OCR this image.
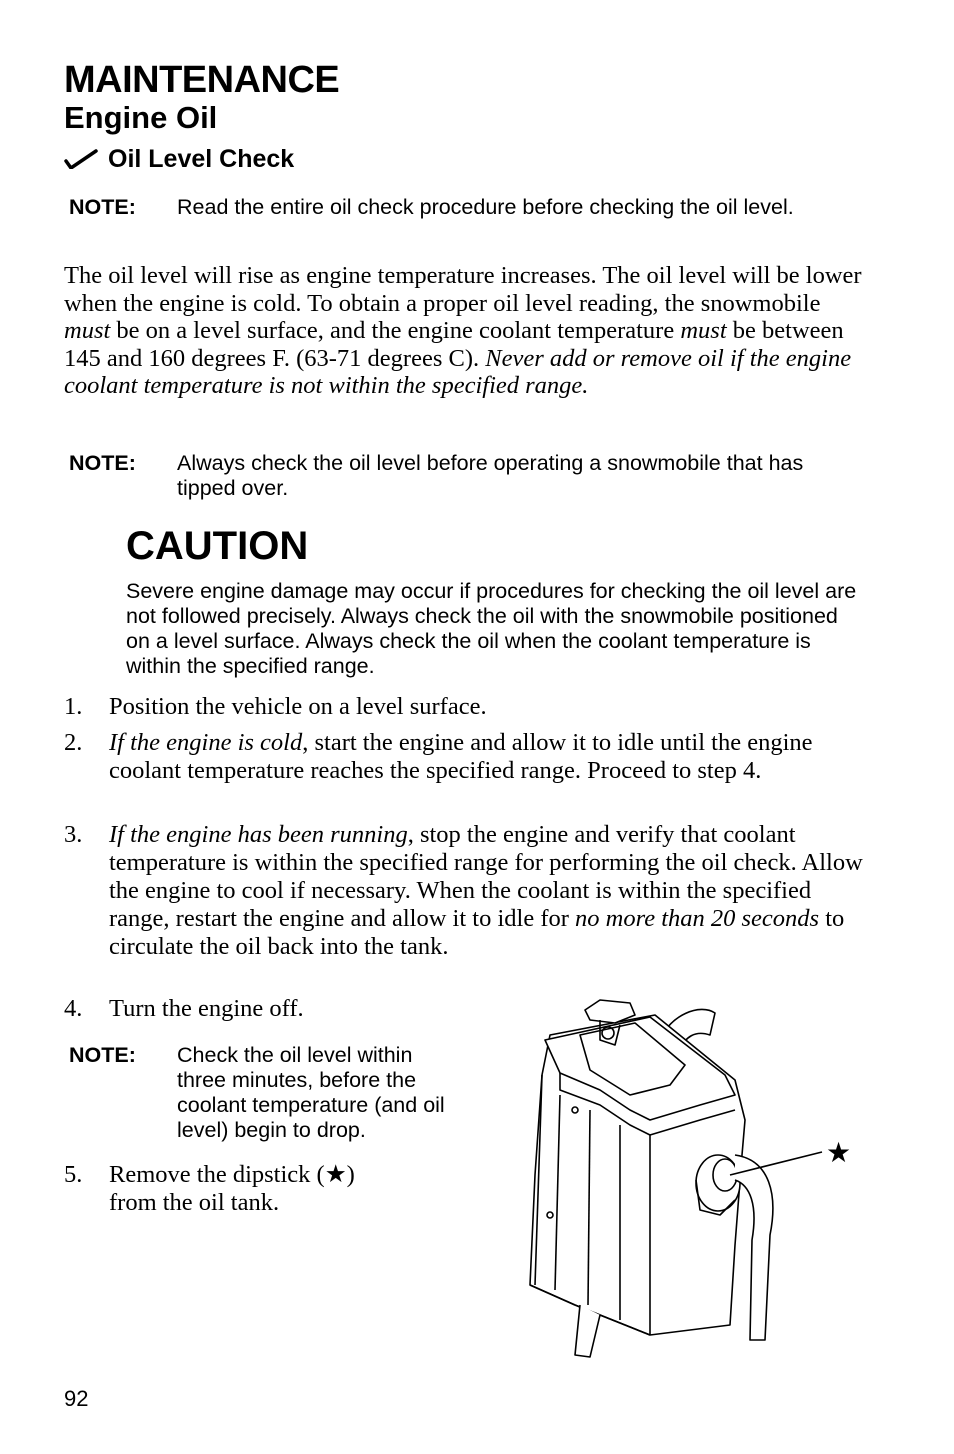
MAINTENANCE
Engine Oil
Oil Level Check
NOTE:	Read the entire oil check procedure before checking the oil level.
The oil level will rise as engine temperature increases. The oil level will be lower when the engine is cold. To obtain a proper oil level reading, the snowmobile must be on a level surface, and the engine coolant temperature must be between 145 and 160 degrees F. (63-71 degrees C). Never add or remove oil if the engine coolant temperature is not within the specified range.
NOTE:	Always check the oil level before operating a snowmobile that has tipped over.
CAUTION
Severe engine damage may occur if procedures for checking the oil level are not followed precisely. Always check the oil with the snowmobile positioned on a level surface. Always check the oil when the coolant temperature is within the specified range.
1.	Position the vehicle on a level surface.
2.	If the engine is cold, start the engine and allow it to idle until the engine coolant temperature reaches the specified range. Proceed to step 4.
3.	If the engine has been running, stop the engine and verify that coolant temperature is within the specified range for performing the oil check. Allow the engine to cool if necessary. When the coolant is within the specified range, restart the engine and allow it to idle for no more than 20 seconds to circulate the oil back into the tank.
4.	Turn the engine off.
NOTE:	Check the oil level within three minutes, before the coolant temperature (and oil level) begin to drop.
5.	Remove the dipstick (★) from the oil tank.
★
92
